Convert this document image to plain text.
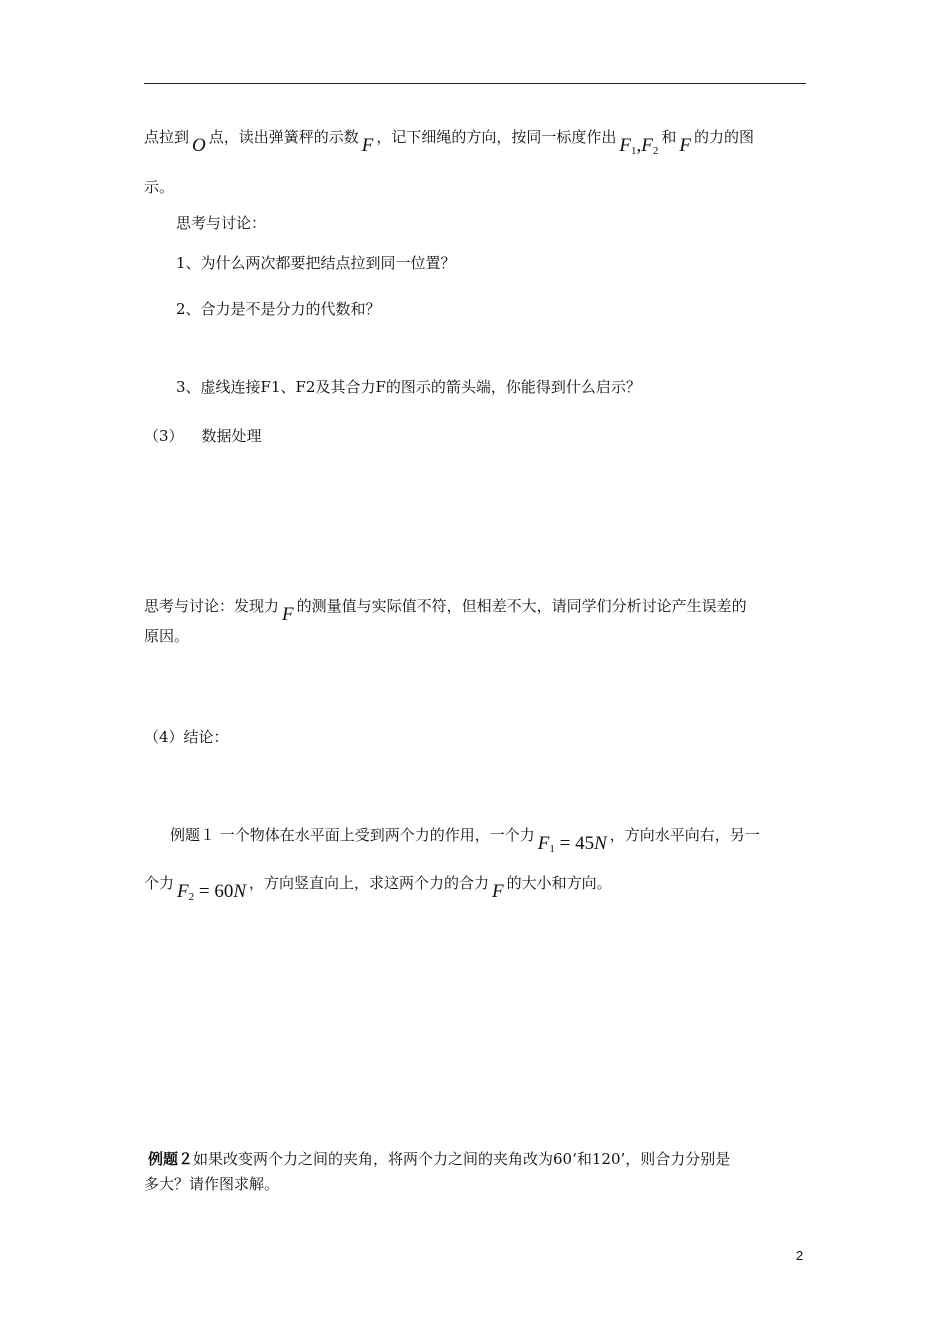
点拉到 O 点，读出弹簧秤的示数 F ，记下细绳的方向，按同一标度作出 $F_1,F_2$和 F 的力的图
示。
思考与讨论：
1、为什么两次都要把结点拉到同一位置？
2、合力是不是分力的代数和？
3、虚线连接F1、F2及其合力F的图示的箭头端，你能得到什么启示？
（3） 数据处理
思考与讨论：发现力 F 的测量值与实际值不符，但相差不大，请同学们分析讨论产生误差的
原因。
（4）结论：
例题１ 一个物体在水平面上受到两个力的作用，一个力 $F_1 = 45N$ ，方向水平向右，另一
个力 $F_2 = 60N$ ，方向竖直向上，求这两个力的合力 F 的大小和方向。
例题２如果改变两个力之间的夹角，将两个力之间的夹角改为60‘和120’，则合力分别是
多大？请作图求解。
2
